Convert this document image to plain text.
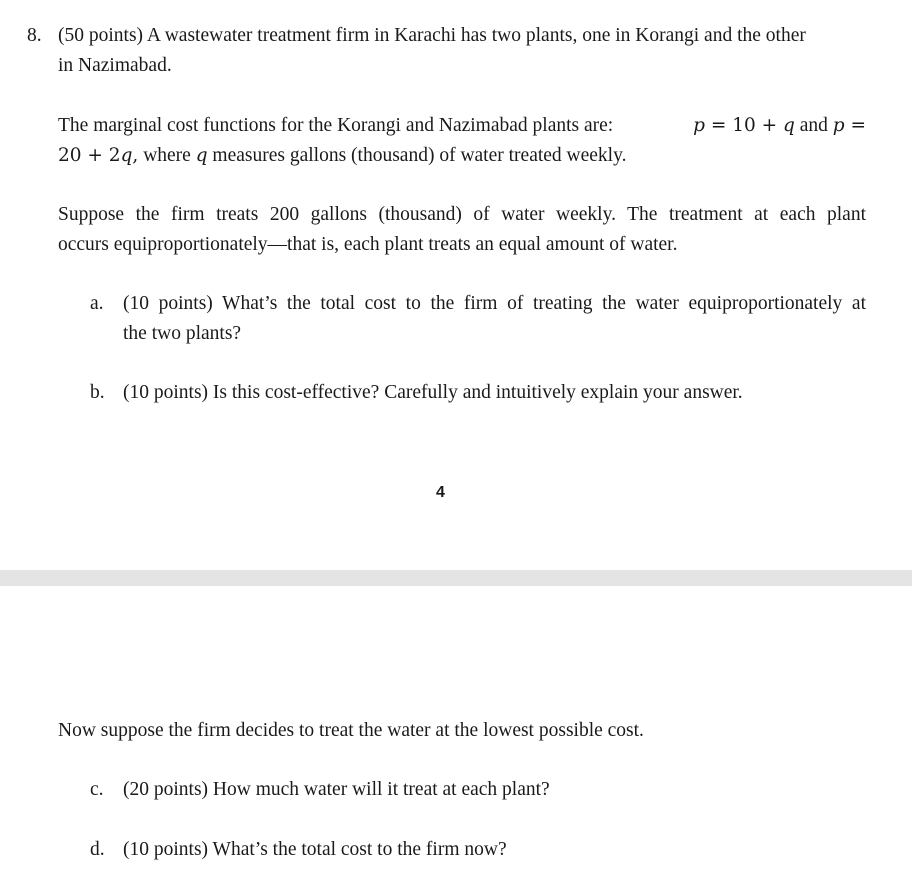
8. (50 points) A wastewater treatment firm in Karachi has two plants, one in Korangi and the other
in Nazimabad.
The marginal cost functions for the Korangi and Nazimabad plants are:	p = 10 + q and p =
20 + 2q, where q measures gallons (thousand) of water treated weekly.
Suppose the firm treats 200 gallons (thousand) of water weekly. The treatment at each plant
occurs equiproportionately—that is, each plant treats an equal amount of water.
a. (10 points) What’s the total cost to the firm of treating the water equiproportionately at
the two plants?
b. (10 points) Is this cost-effective? Carefully and intuitively explain your answer.
4
Now suppose the firm decides to treat the water at the lowest possible cost.
c. (20 points) How much water will it treat at each plant?
d. (10 points) What’s the total cost to the firm now?
